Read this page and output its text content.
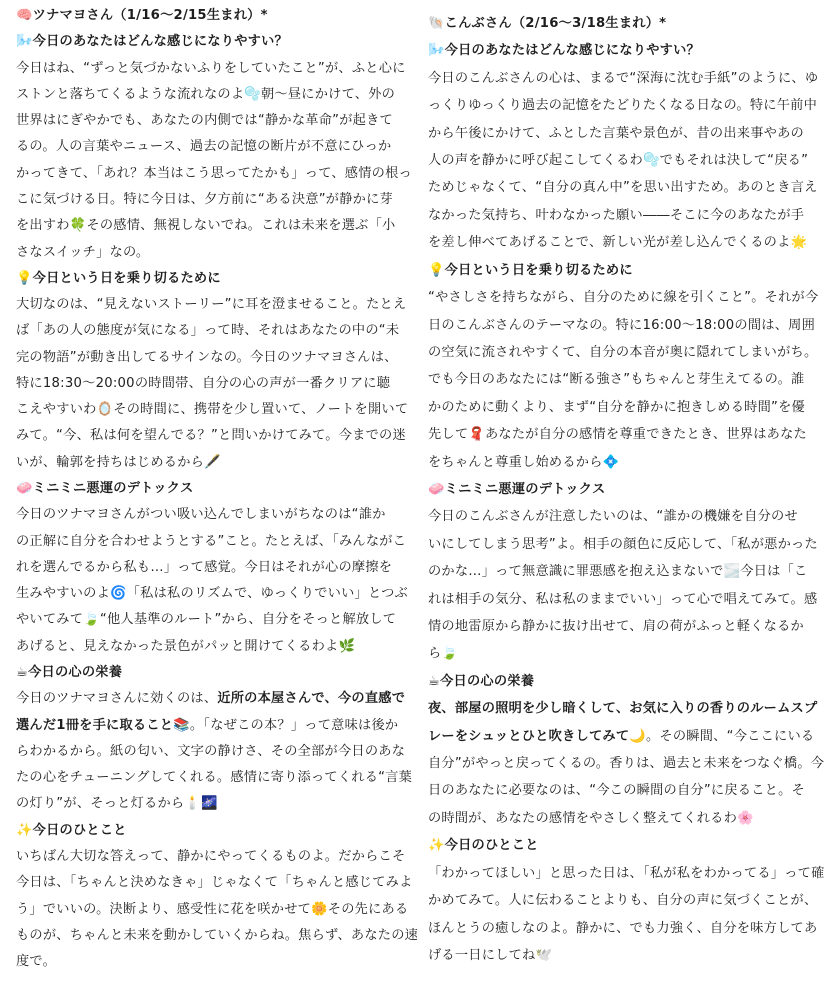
🧠ツナマヨさん（1/16〜2/15生まれ）*
🌬️今日のあなたはどんな感じになりやすい？
今日はね、“ずっと気づかないふりをしていたこと”が、ふと心に
ストンと落ちてくるような流れなのよ🫧朝〜昼にかけて、外の
世界はにぎやかでも、あなたの内側では“静かな革命”が起きて
るの。人の言葉やニュース、過去の記憶の断片が不意にひっか
かってきて、「あれ？本当はこう思ってたかも」って、感情の根っ
こに気づける日。特に今日は、夕方前に“ある決意”が静かに芽
を出すわ🍀その感情、無視しないでね。これは未来を選ぶ「小
さなスイッチ」なの。
💡今日という日を乗り切るために
大切なのは、“見えないストーリー”に耳を澄ませること。たとえ
ば「あの人の態度が気になる」って時、それはあなたの中の“未
完の物語”が動き出してるサインなの。今日のツナマヨさんは、
特に18:30〜20:00の時間帯、自分の心の声が一番クリアに聴
こえやすいわ🪞その時間に、携帯を少し置いて、ノートを開いて
みて。“今、私は何を望んでる？”と問いかけてみて。今までの迷
いが、輪郭を持ちはじめるから🖋️
🧼ミニミニ悪運のデトックス
今日のツナマヨさんがつい吸い込んでしまいがちなのは“誰か
の正解に自分を合わせようとする”こと。たとえば、「みんながこ
れを選んでるから私も…」って感覚。今日はそれが心の摩擦を
生みやすいのよ🌀「私は私のリズムで、ゆっくりでいい」とつぶ
やいてみて🍃“他人基準のルート”から、自分をそっと解放して
あげると、見えなかった景色がパッと開けてくるわよ🌿
☕今日の心の栄養
今日のツナマヨさんに効くのは、近所の本屋さんで、今の直感で
選んだ1冊を手に取ること📚。「なぜこの本？」って意味は後か
らわかるから。紙の匂い、文字の静けさ、その全部が今日のあな
たの心をチューニングしてくれる。感情に寄り添ってくれる“言葉
の灯り”が、そっと灯るから🕯️🌌
✨今日のひとこと
いちばん大切な答えって、静かにやってくるものよ。だからこそ
今日は、「ちゃんと決めなきゃ」じゃなくて「ちゃんと感じてみよ
う」でいいの。決断より、感受性に花を咲かせて🌼その先にある
ものが、ちゃんと未来を動かしていくからね。焦らず、あなたの速
度で。
🐚こんぶさん（2/16〜3/18生まれ）*
🌬️今日のあなたはどんな感じになりやすい？
今日のこんぶさんの心は、まるで“深海に沈む手紙”のように、ゆ
っくりゆっくり過去の記憶をたどりたくなる日なの。特に午前中
から午後にかけて、ふとした言葉や景色が、昔の出来事やあの
人の声を静かに呼び起こしてくるわ🫧でもそれは決して“戻る”
ためじゃなくて、“自分の真ん中”を思い出すため。あのとき言え
なかった気持ち、叶わなかった願い――そこに今のあなたが手
を差し伸べてあげることで、新しい光が差し込んでくるのよ🌟
💡今日という日を乗り切るために
“やさしさを持ちながら、自分のために線を引くこと”。それが今
日のこんぶさんのテーマなの。特に16:00〜18:00の間は、周囲
の空気に流されやすくて、自分の本音が奥に隠れてしまいがち。
でも今日のあなたには“断る強さ”もちゃんと芽生えてるの。誰
かのために動くより、まず“自分を静かに抱きしめる時間”を優
先して🧣あなたが自分の感情を尊重できたとき、世界はあなた
をちゃんと尊重し始めるから💠
🧼ミニミニ悪運のデトックス
今日のこんぶさんが注意したいのは、“誰かの機嫌を自分のせ
いにしてしまう思考”よ。相手の顔色に反応して、「私が悪かった
のかな…」って無意識に罪悪感を抱え込まないで🌫️今日は「こ
れは相手の気分、私は私のままでいい」って心で唱えてみて。感
情の地雷原から静かに抜け出せて、肩の荷がふっと軽くなるか
ら🍃
☕今日の心の栄養
夜、部屋の照明を少し暗くして、お気に入りの香りのルームスプ
レーをシュッとひと吹きしてみて🌙。その瞬間、“今ここにいる
自分”がやっと戻ってくるの。香りは、過去と未来をつなぐ橋。今
日のあなたに必要なのは、“今この瞬間の自分”に戻ること。そ
の時間が、あなたの感情をやさしく整えてくれるわ🌸
✨今日のひとこと
「わかってほしい」と思った日は、「私が私をわかってる」って確
かめてみて。人に伝わることよりも、自分の声に気づくことが、
ほんとうの癒しなのよ。静かに、でも力強く、自分を味方してあ
げる一日にしてね🕊️
